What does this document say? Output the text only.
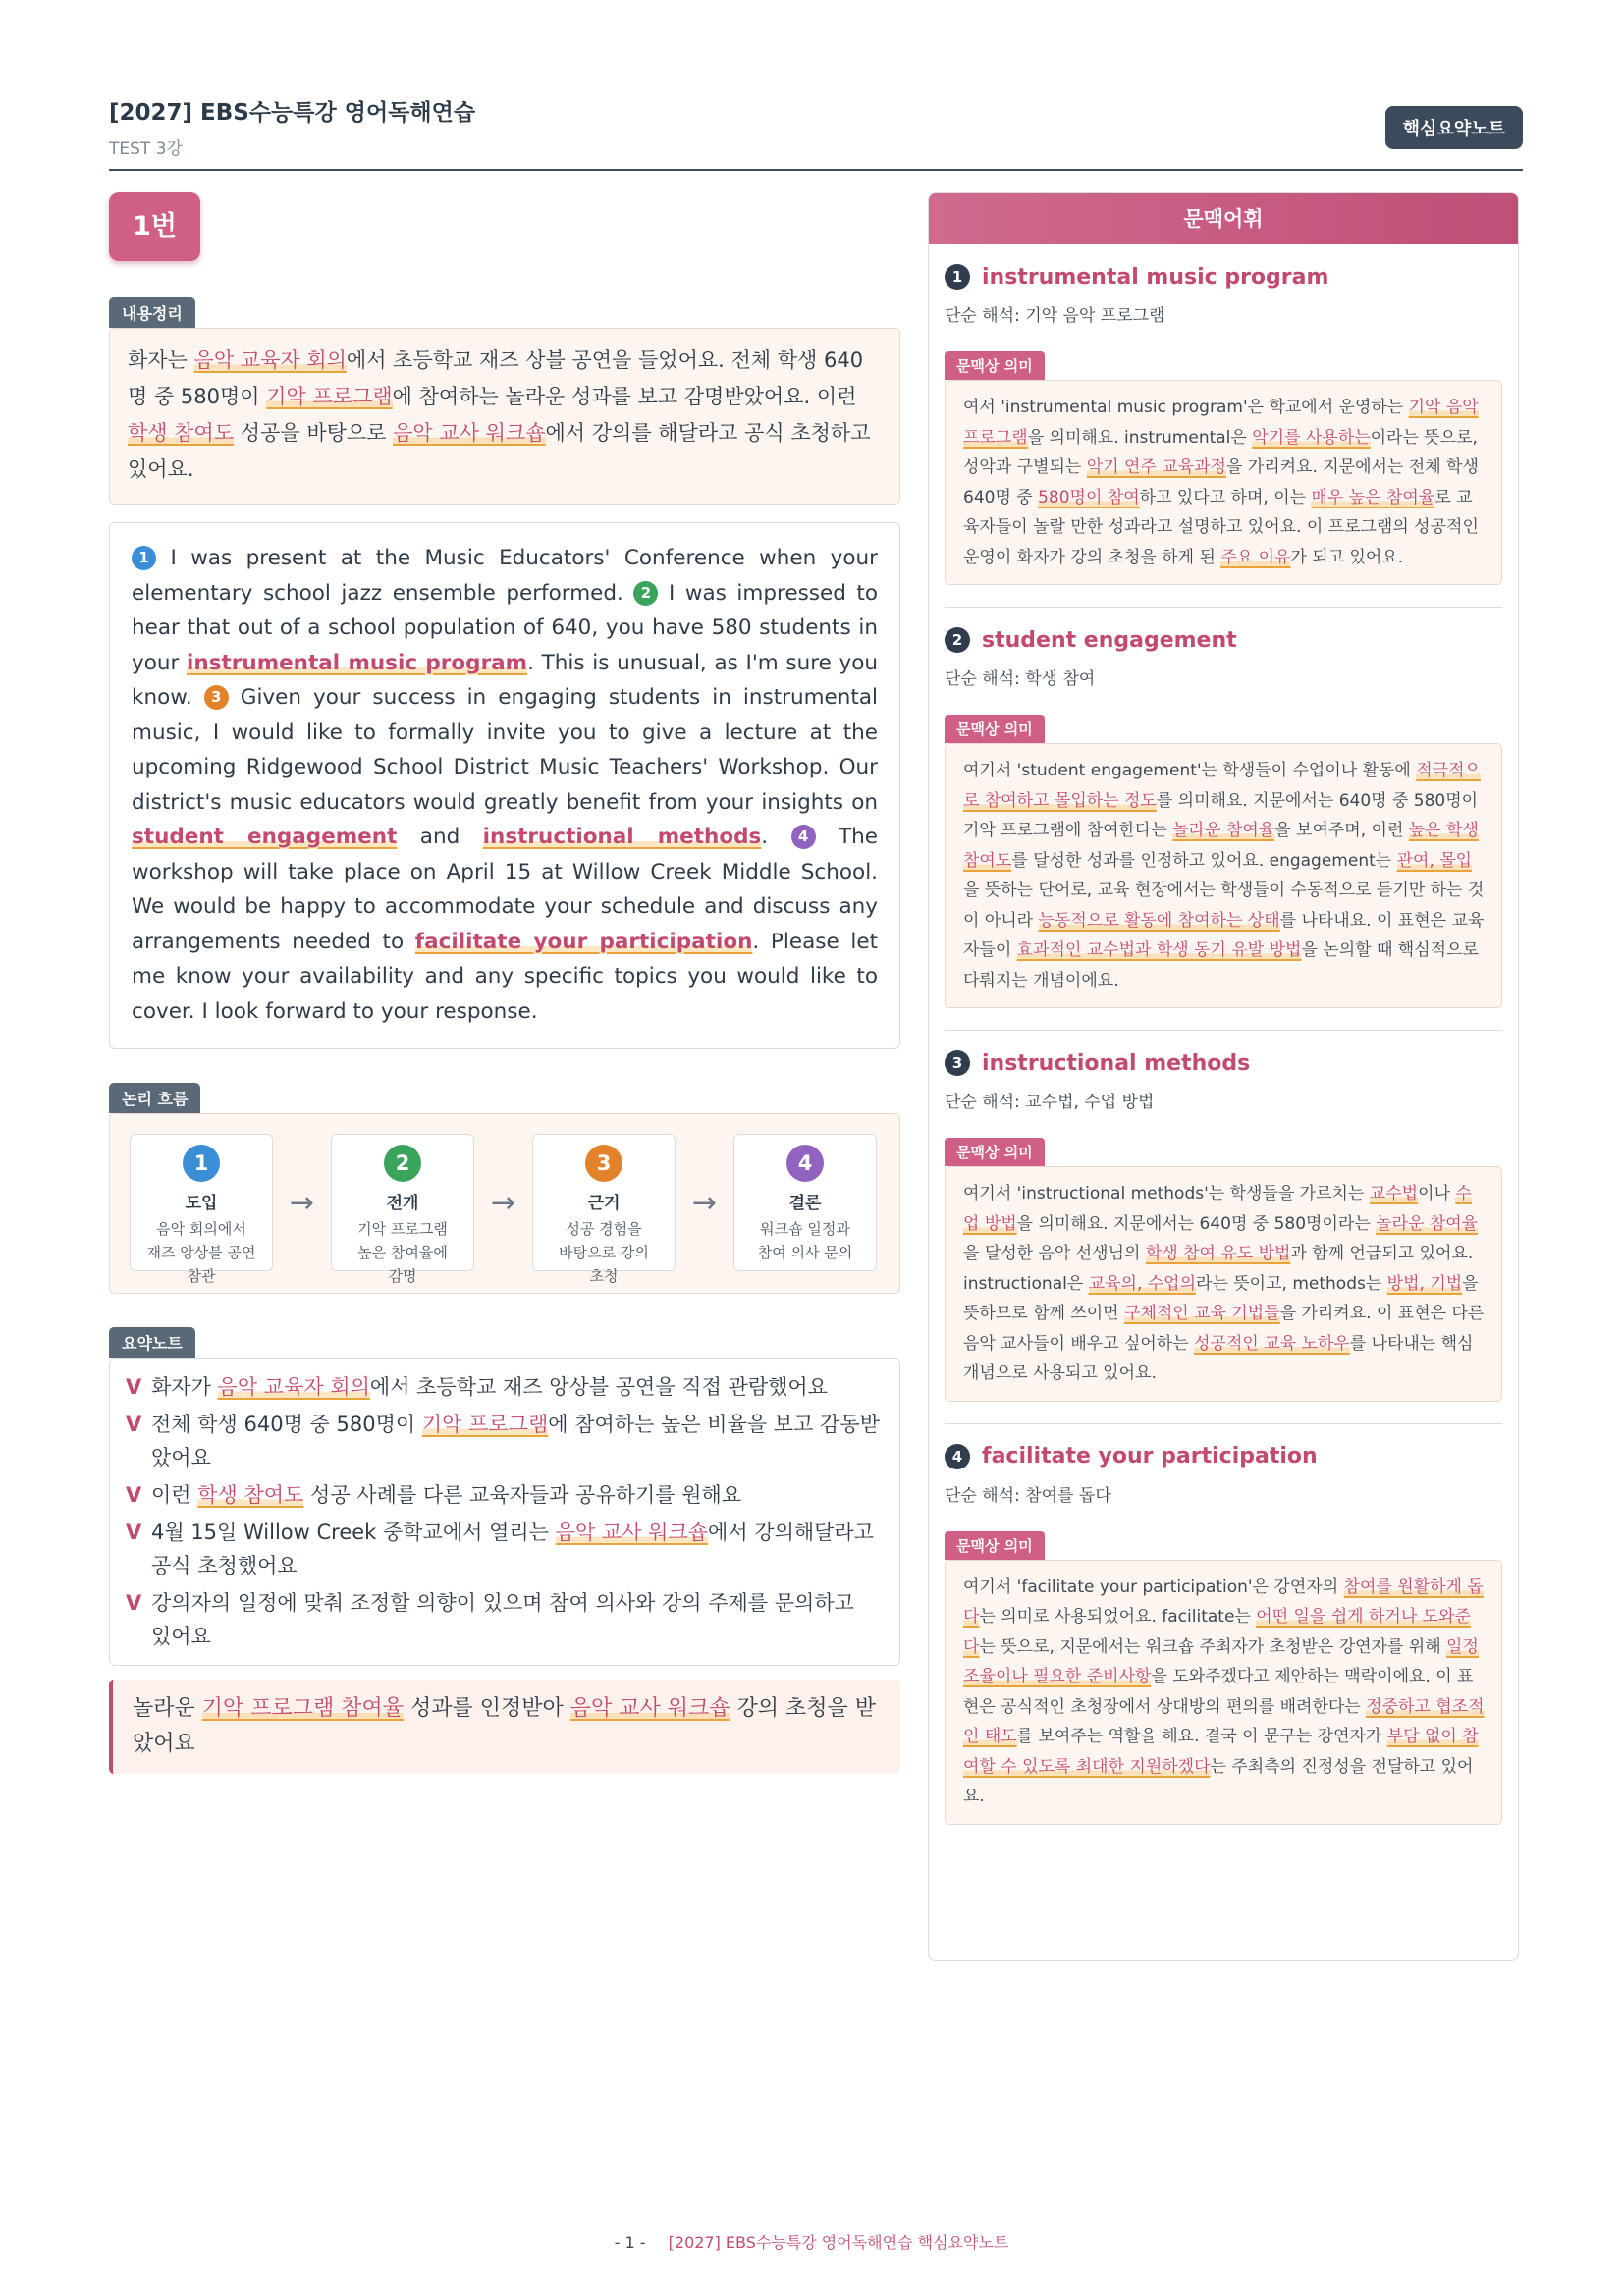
[2027] EBS수능특강 영어독해연습
TEST 3강
핵심요약노트
1번
내용정리
화자는 음악 교육자 회의에서 초등학교 재즈 상블 공연을 들었어요. 전체 학생 640명 중 580명이 기악 프로그램에 참여하는 놀라운 성과를 보고 감명받았어요. 이런 학생 참여도 성공을 바탕으로 음악 교사 워크숍에서 강의를 해달라고 공식 초청하고 있어요.
1 I was present at the Music Educators' Conference when your elementary school jazz ensemble performed. 2 I was impressed to hear that out of a school population of 640, you have 580 students in your instrumental music program. This is unusual, as I'm sure you know. 3 Given your success in engaging students in instrumental music, I would like to formally invite you to give a lecture at the upcoming Ridgewood School District Music Teachers' Workshop. Our district's music educators would greatly benefit from your insights on student engagement and instructional methods. 4 The workshop will take place on April 15 at Willow Creek Middle School. We would be happy to accommodate your schedule and discuss any arrangements needed to facilitate your participation. Please let me know your availability and any specific topics you would like to cover. I look forward to your response.
논리 흐름
1
도입
음악 회의에서
재즈 앙상블 공연
참관
→
2
전개
기악 프로그램
높은 참여율에
감명
→
3
근거
성공 경험을
바탕으로 강의
초청
→
4
결론
워크숍 일정과
참여 의사 문의
요약노트
V 화자가 음악 교육자 회의에서 초등학교 재즈 앙상블 공연을 직접 관람했어요
V 전체 학생 640명 중 580명이 기악 프로그램에 참여하는 높은 비율을 보고 감동받았어요
V 이런 학생 참여도 성공 사례를 다른 교육자들과 공유하기를 원해요
V 4월 15일 Willow Creek 중학교에서 열리는 음악 교사 워크숍에서 강의해달라고 공식 초청했어요
V 강의자의 일정에 맞춰 조정할 의향이 있으며 참여 의사와 강의 주제를 문의하고 있어요
놀라운 기악 프로그램 참여율 성과를 인정받아 음악 교사 워크숍 강의 초청을 받았어요
문맥어휘
1 instrumental music program
단순 해석: 기악 음악 프로그램
문맥상 의미
여서 'instrumental music program'은 학교에서 운영하는 기악 음악 프로그램을 의미해요. instrumental은 악기를 사용하는이라는 뜻으로, 성악과 구별되는 악기 연주 교육과정을 가리켜요. 지문에서는 전체 학생 640명 중 580명이 참여하고 있다고 하며, 이는 매우 높은 참여율로 교육자들이 놀랄 만한 성과라고 설명하고 있어요. 이 프로그램의 성공적인 운영이 화자가 강의 초청을 하게 된 주요 이유가 되고 있어요.
2 student engagement
단순 해석: 학생 참여
문맥상 의미
여기서 'student engagement'는 학생들이 수업이나 활동에 적극적으로 참여하고 몰입하는 정도를 의미해요. 지문에서는 640명 중 580명이 기악 프로그램에 참여한다는 놀라운 참여율을 보여주며, 이런 높은 학생 참여도를 달성한 성과를 인정하고 있어요. engagement는 관여, 몰입을 뜻하는 단어로, 교육 현장에서는 학생들이 수동적으로 듣기만 하는 것이 아니라 능동적으로 활동에 참여하는 상태를 나타내요. 이 표현은 교육자들이 효과적인 교수법과 학생 동기 유발 방법을 논의할 때 핵심적으로 다뤄지는 개념이에요.
3 instructional methods
단순 해석: 교수법, 수업 방법
문맥상 의미
여기서 'instructional methods'는 학생들을 가르치는 교수법이나 수업 방법을 의미해요. 지문에서는 640명 중 580명이라는 놀라운 참여율을 달성한 음악 선생님의 학생 참여 유도 방법과 함께 언급되고 있어요. instructional은 교육의, 수업의라는 뜻이고, methods는 방법, 기법을 뜻하므로 함께 쓰이면 구체적인 교육 기법들을 가리켜요. 이 표현은 다른 음악 교사들이 배우고 싶어하는 성공적인 교육 노하우를 나타내는 핵심 개념으로 사용되고 있어요.
4 facilitate your participation
단순 해석: 참여를 돕다
문맥상 의미
여기서 'facilitate your participation'은 강연자의 참여를 원활하게 돕다는 의미로 사용되었어요. facilitate는 어떤 일을 쉽게 하거나 도와준다는 뜻으로, 지문에서는 워크숍 주최자가 초청받은 강연자를 위해 일정 조율이나 필요한 준비사항을 도와주겠다고 제안하는 맥락이에요. 이 표현은 공식적인 초청장에서 상대방의 편의를 배려한다는 정중하고 협조적인 태도를 보여주는 역할을 해요. 결국 이 문구는 강연자가 부담 없이 참여할 수 있도록 최대한 지원하겠다는 주최측의 진정성을 전달하고 있어요.
- 1 - [2027] EBS수능특강 영어독해연습 핵심요약노트
